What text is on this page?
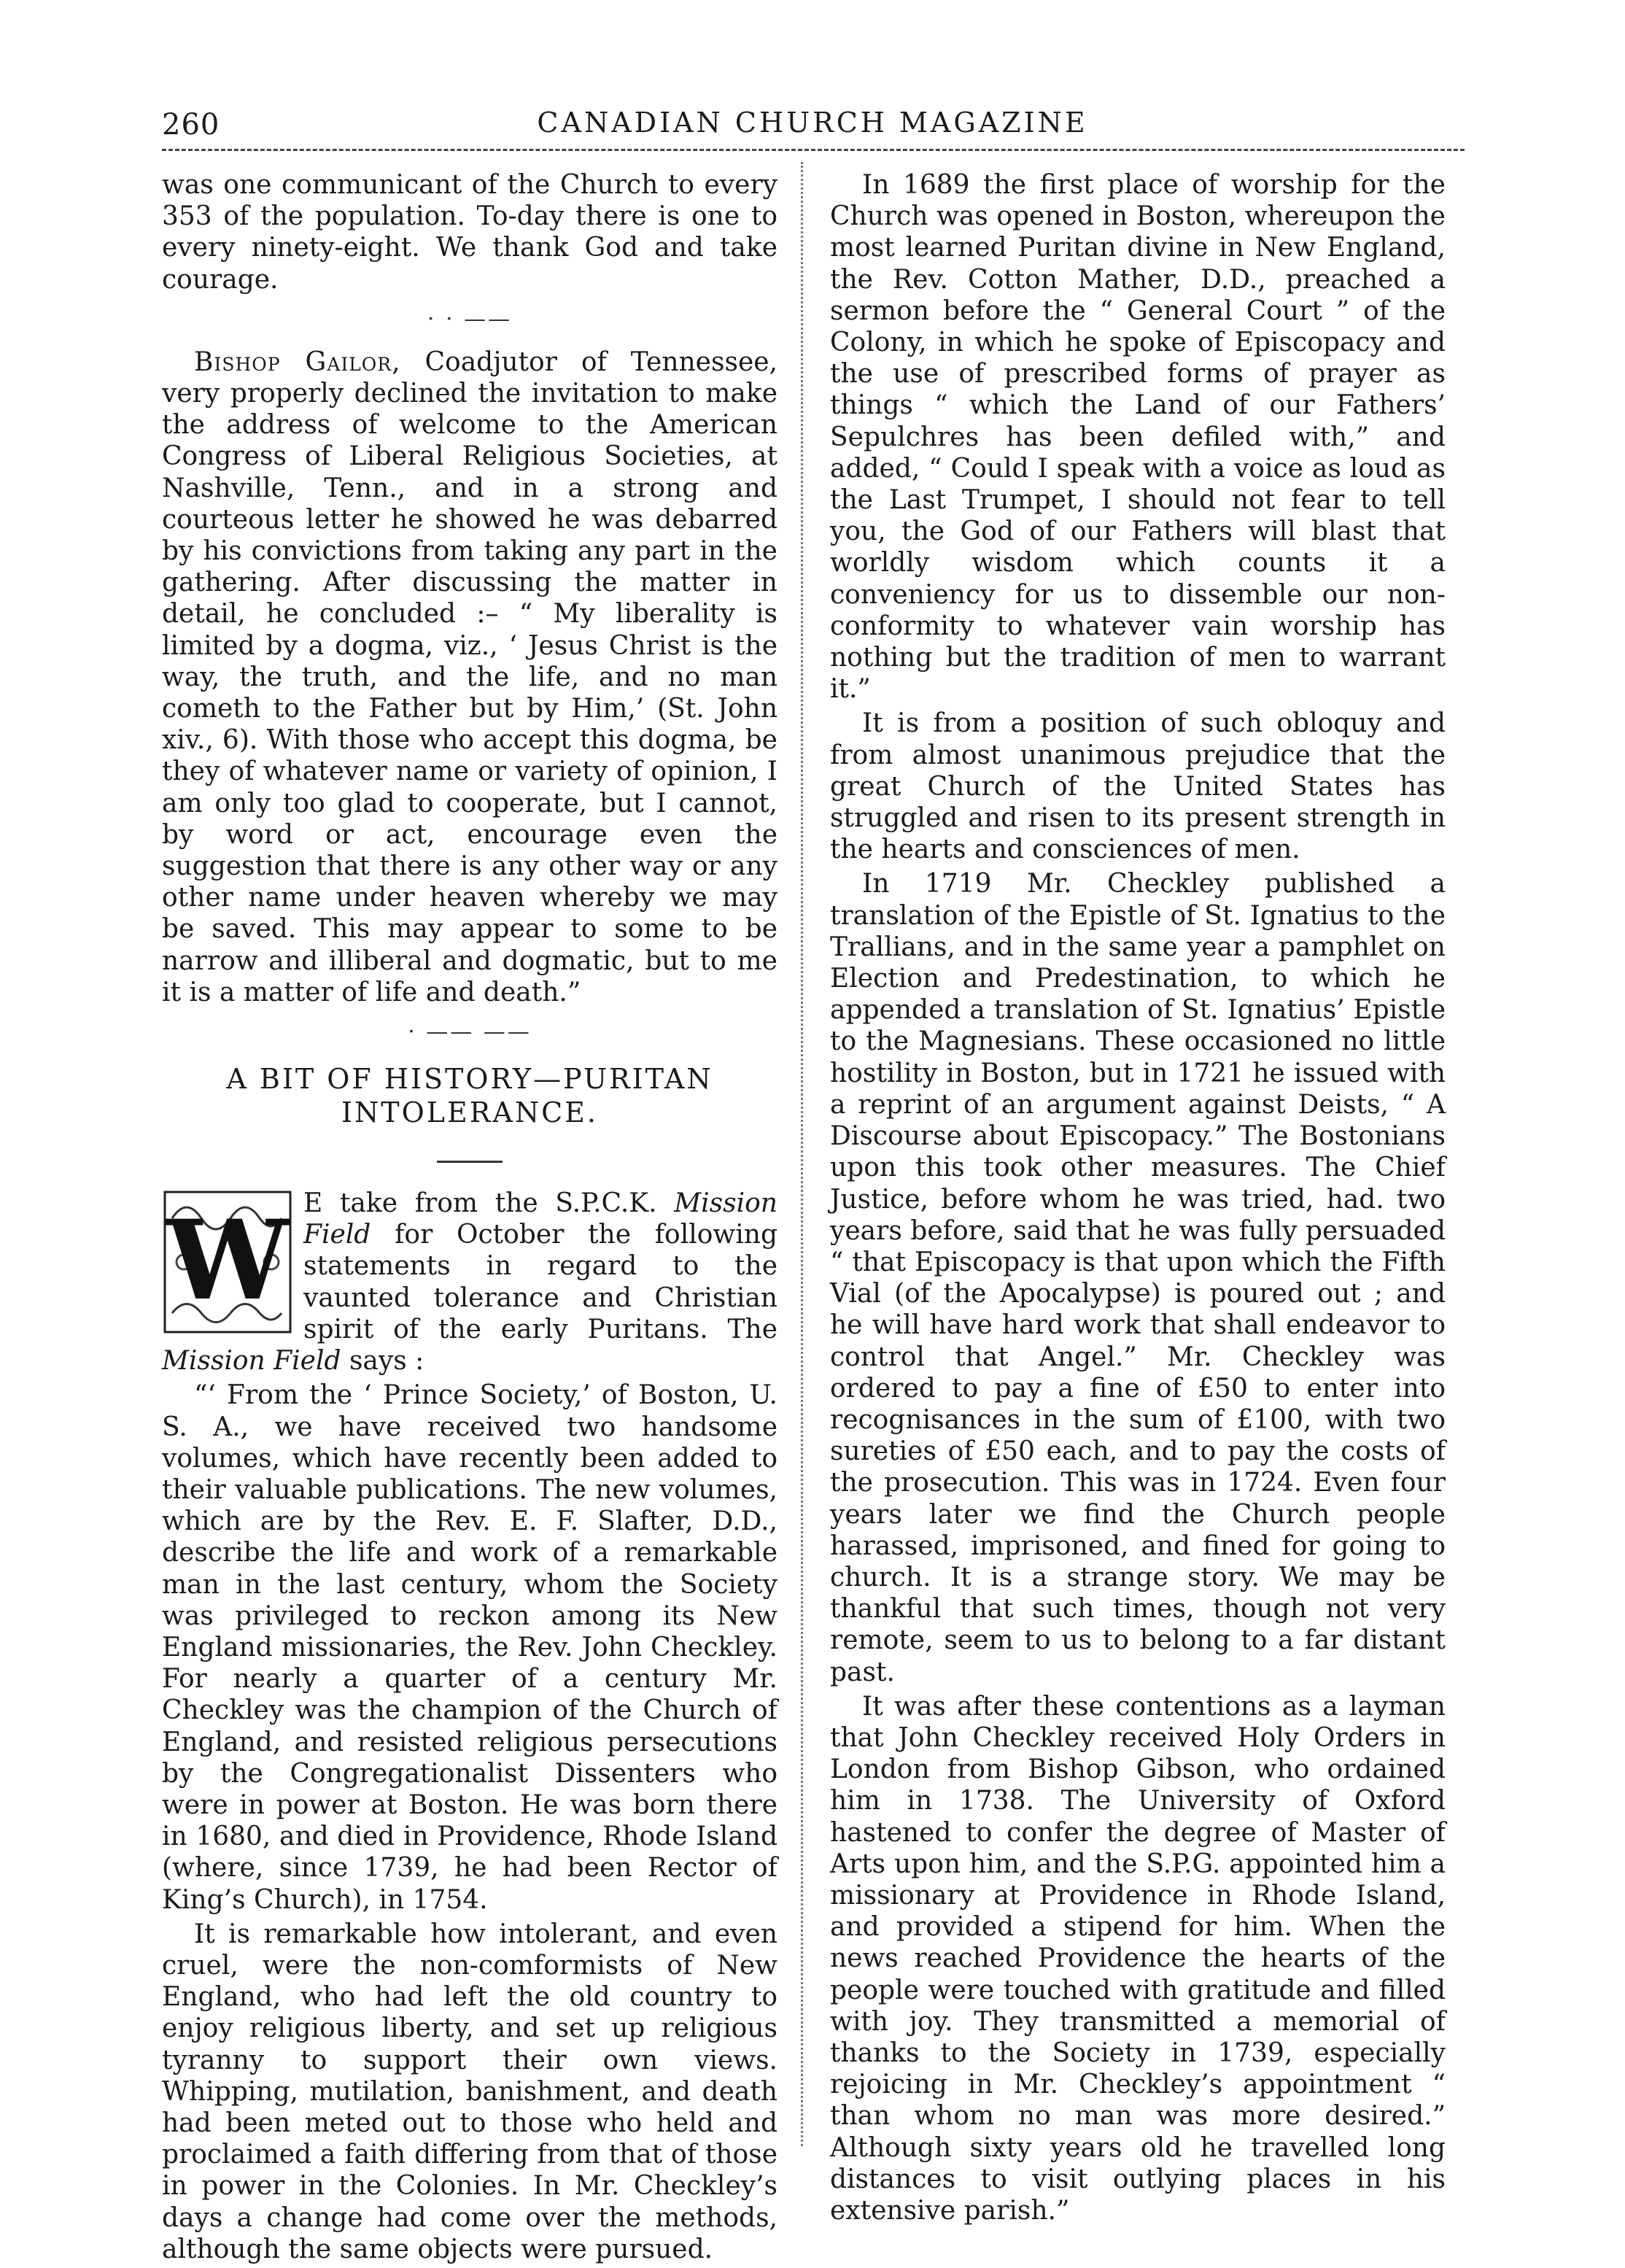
260	CANADIAN CHURCH MAGAZINE

was one communicant of the Church to every 353 of the population. To-day there is one to every ninety-eight. We thank God and take courage.

· · ——

Bishop Gailor, Coadjutor of Tennessee, very properly declined the invitation to make the address of welcome to the American Congress of Liberal Religious Societies, at Nashville, Tenn., and in a strong and courteous letter he showed he was debarred by his convictions from taking any part in the gathering. After discussing the matter in detail, he concluded :– “ My liberality is limited by a dogma, viz., ‘ Jesus Christ is the way, the truth, and the life, and no man cometh to the Father but by Him,’ (St. John xiv., 6). With those who accept this dogma, be they of whatever name or variety of opinion, I am only too glad to cooperate, but I cannot, by word or act, encourage even the suggestion that there is any other way or any other name under heaven whereby we may be saved. This may appear to some to be narrow and illiberal and dogmatic, but to me it is a matter of life and death.”

· —— ——
A BIT OF HISTORY—PURITAN
INTOLERANCE.
W E take from the S.P.C.K. Mission Field for October the following statements in regard to the vaunted tolerance and Christian spirit of the early Puritans. The Mission Field says :

“‘ From the ‘ Prince Society,’ of Boston, U. S. A., we have received two handsome volumes, which have recently been added to their valuable publications. The new volumes, which are by the Rev. E. F. Slafter, D.D., describe the life and work of a remarkable man in the last century, whom the Society was privileged to reckon among its New England missionaries, the Rev. John Checkley. For nearly a quarter of a century Mr. Checkley was the champion of the Church of England, and resisted religious persecutions by the Congregationalist Dissenters who were in power at Boston. He was born there in 1680, and died in Providence, Rhode Island (where, since 1739, he had been Rector of King’s Church), in 1754.

It is remarkable how intolerant, and even cruel, were the non-comformists of New England, who had left the old country to enjoy religious liberty, and set up religious tyranny to support their own views. Whipping, mutilation, banishment, and death had been meted out to those who held and proclaimed a faith differing from that of those in power in the Colonies. In Mr. Checkley’s days a change had come over the methods, although the same objects were pursued.

In 1689 the first place of worship for the Church was opened in Boston, whereupon the most learned Puritan divine in New England, the Rev. Cotton Mather, D.D., preached a sermon before the “ General Court ” of the Colony, in which he spoke of Episcopacy and the use of prescribed forms of prayer as things “ which the Land of our Fathers’ Sepulchres has been defiled with,” and added, “ Could I speak with a voice as loud as the Last Trumpet, I should not fear to tell you, the God of our Fathers will blast that worldly wisdom which counts it a conveniency for us to dissemble our non-conformity to whatever vain worship has nothing but the tradition of men to warrant it.”

It is from a position of such obloquy and from almost unanimous prejudice that the great Church of the United States has struggled and risen to its present strength in the hearts and consciences of men.

In 1719 Mr. Checkley published a translation of the Epistle of St. Ignatius to the Trallians, and in the same year a pamphlet on Election and Predestination, to which he appended a translation of St. Ignatius’ Epistle to the Magnesians. These occasioned no little hostility in Boston, but in 1721 he issued with a reprint of an argument against Deists, “ A Discourse about Episcopacy.” The Bostonians upon this took other measures. The Chief Justice, before whom he was tried, had. two years before, said that he was fully persuaded “ that Episcopacy is that upon which the Fifth Vial (of the Apocalypse) is poured out ; and he will have hard work that shall endeavor to control that Angel.” Mr. Checkley was ordered to pay a fine of £50 to enter into recognisances in the sum of £100, with two sureties of £50 each, and to pay the costs of the prosecution. This was in 1724. Even four years later we find the Church people harassed, imprisoned, and fined for going to church. It is a strange story. We may be thankful that such times, though not very remote, seem to us to belong to a far distant past.

It was after these contentions as a layman that John Checkley received Holy Orders in London from Bishop Gibson, who ordained him in 1738. The University of Oxford hastened to confer the degree of Master of Arts upon him, and the S.P.G. appointed him a missionary at Providence in Rhode Island, and provided a stipend for him. When the news reached Providence the hearts of the people were touched with gratitude and filled with joy. They transmitted a memorial of thanks to the Society in 1739, especially rejoicing in Mr. Checkley’s appointment “ than whom no man was more desired.” Although sixty years old he travelled long distances to visit outlying places in his extensive parish.”
